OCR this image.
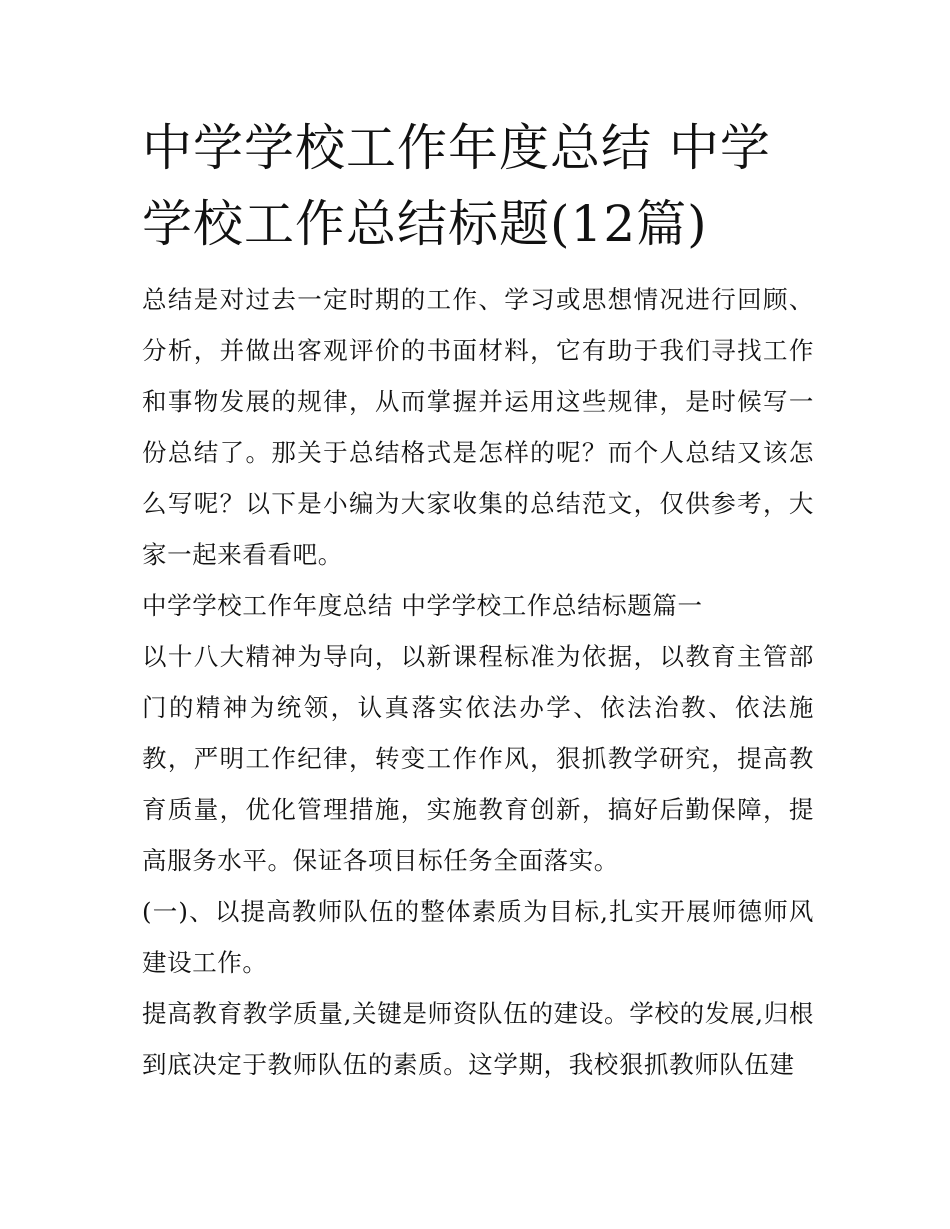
中学学校工作年度总结 中学学校工作总结标题(12篇)

总结是对过去一定时期的工作、学习或思想情况进行回顾、分析，并做出客观评价的书面材料，它有助于我们寻找工作和事物发展的规律，从而掌握并运用这些规律，是时候写一份总结了。那关于总结格式是怎样的呢？而个人总结又该怎么写呢？以下是小编为大家收集的总结范文，仅供参考，大家一起来看看吧。

中学学校工作年度总结 中学学校工作总结标题篇一

以十八大精神为导向，以新课程标准为依据，以教育主管部门的精神为统领，认真落实依法办学、依法治教、依法施教，严明工作纪律，转变工作作风，狠抓教学研究，提高教育质量，优化管理措施，实施教育创新，搞好后勤保障，提高服务水平。保证各项目标任务全面落实。

(一)、以提高教师队伍的整体素质为目标,扎实开展师德师风建设工作。

提高教育教学质量,关键是师资队伍的建设。学校的发展,归根到底决定于教师队伍的素质。这学期，我校狠抓教师队伍建
